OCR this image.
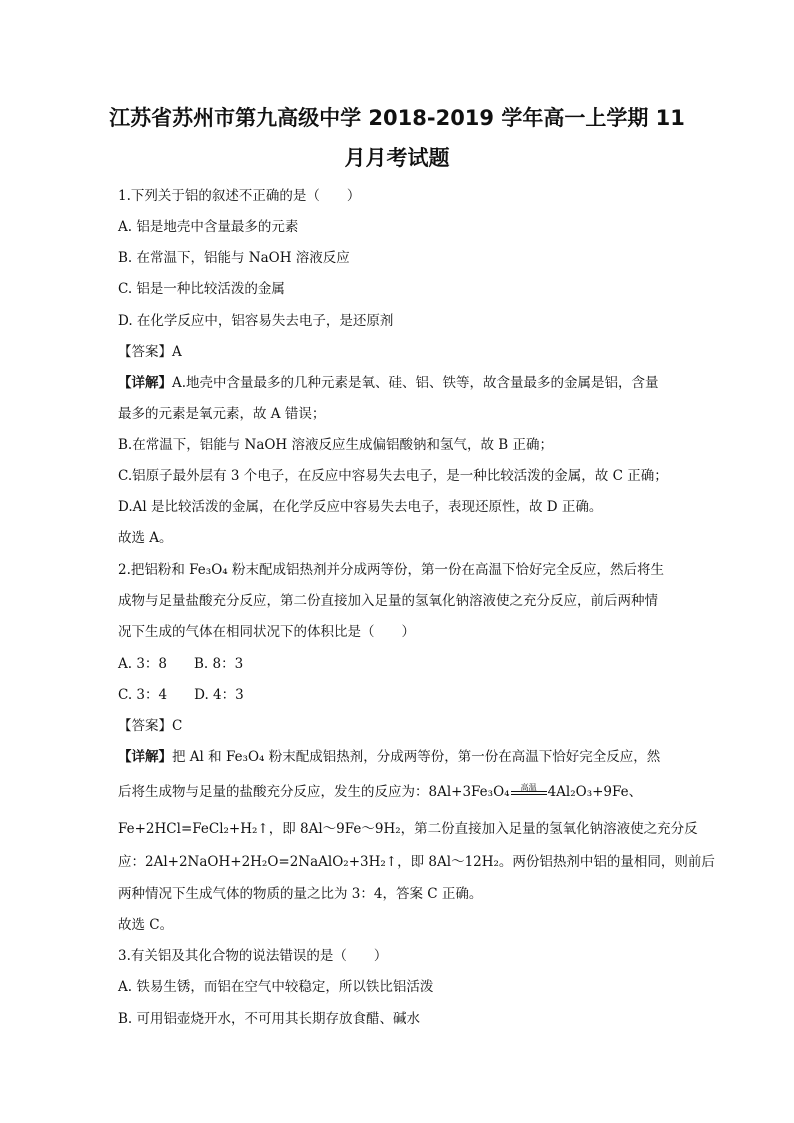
江苏省苏州市第九高级中学 2018-2019 学年高一上学期 11
月月考试题
1.下列关于铝的叙述不正确的是（　　）
A. 铝是地壳中含量最多的元素
B. 在常温下，铝能与 NaOH 溶液反应
C. 铝是一种比较活泼的金属
D. 在化学反应中，铝容易失去电子，是还原剂
【答案】A
【详解】A.地壳中含量最多的几种元素是氧、硅、铝、铁等，故含量最多的金属是铝，含量
最多的元素是氧元素，故 A 错误；
B.在常温下，铝能与 NaOH 溶液反应生成偏铝酸钠和氢气，故 B 正确；
C.铝原子最外层有 3 个电子，在反应中容易失去电子，是一种比较活泼的金属，故 C 正确；
D.Al 是比较活泼的金属，在化学反应中容易失去电子，表现还原性，故 D 正确。
故选 A。
2.把铝粉和 Fe₃O₄ 粉末配成铝热剂并分成两等份，第一份在高温下恰好完全反应，然后将生
成物与足量盐酸充分反应，第二份直接加入足量的氢氧化钠溶液使之充分反应，前后两种情
况下生成的气体在相同状况下的体积比是（　　）
A. 3：8　　B. 8：3
C. 3：4　　D. 4：3
【答案】C
【详解】把 Al 和 Fe₃O₄ 粉末配成铝热剂，分成两等份，第一份在高温下恰好完全反应，然
后将生成物与足量的盐酸充分反应，发生的反应为：8Al+3Fe₃O₄	高温 4Al₂O₃+9Fe、
Fe+2HCl=FeCl₂+H₂↑，即 8Al～9Fe～9H₂，第二份直接加入足量的氢氧化钠溶液使之充分反
应：2Al+2NaOH+2H₂O=2NaAlO₂+3H₂↑，即 8Al～12H₂。两份铝热剂中铝的量相同，则前后
两种情况下生成气体的物质的量之比为 3：4，答案 C 正确。
故选 C。
3.有关铝及其化合物的说法错误的是（　　）
A. 铁易生锈，而铝在空气中较稳定，所以铁比铝活泼
B. 可用铝壶烧开水，不可用其长期存放食醋、碱水
